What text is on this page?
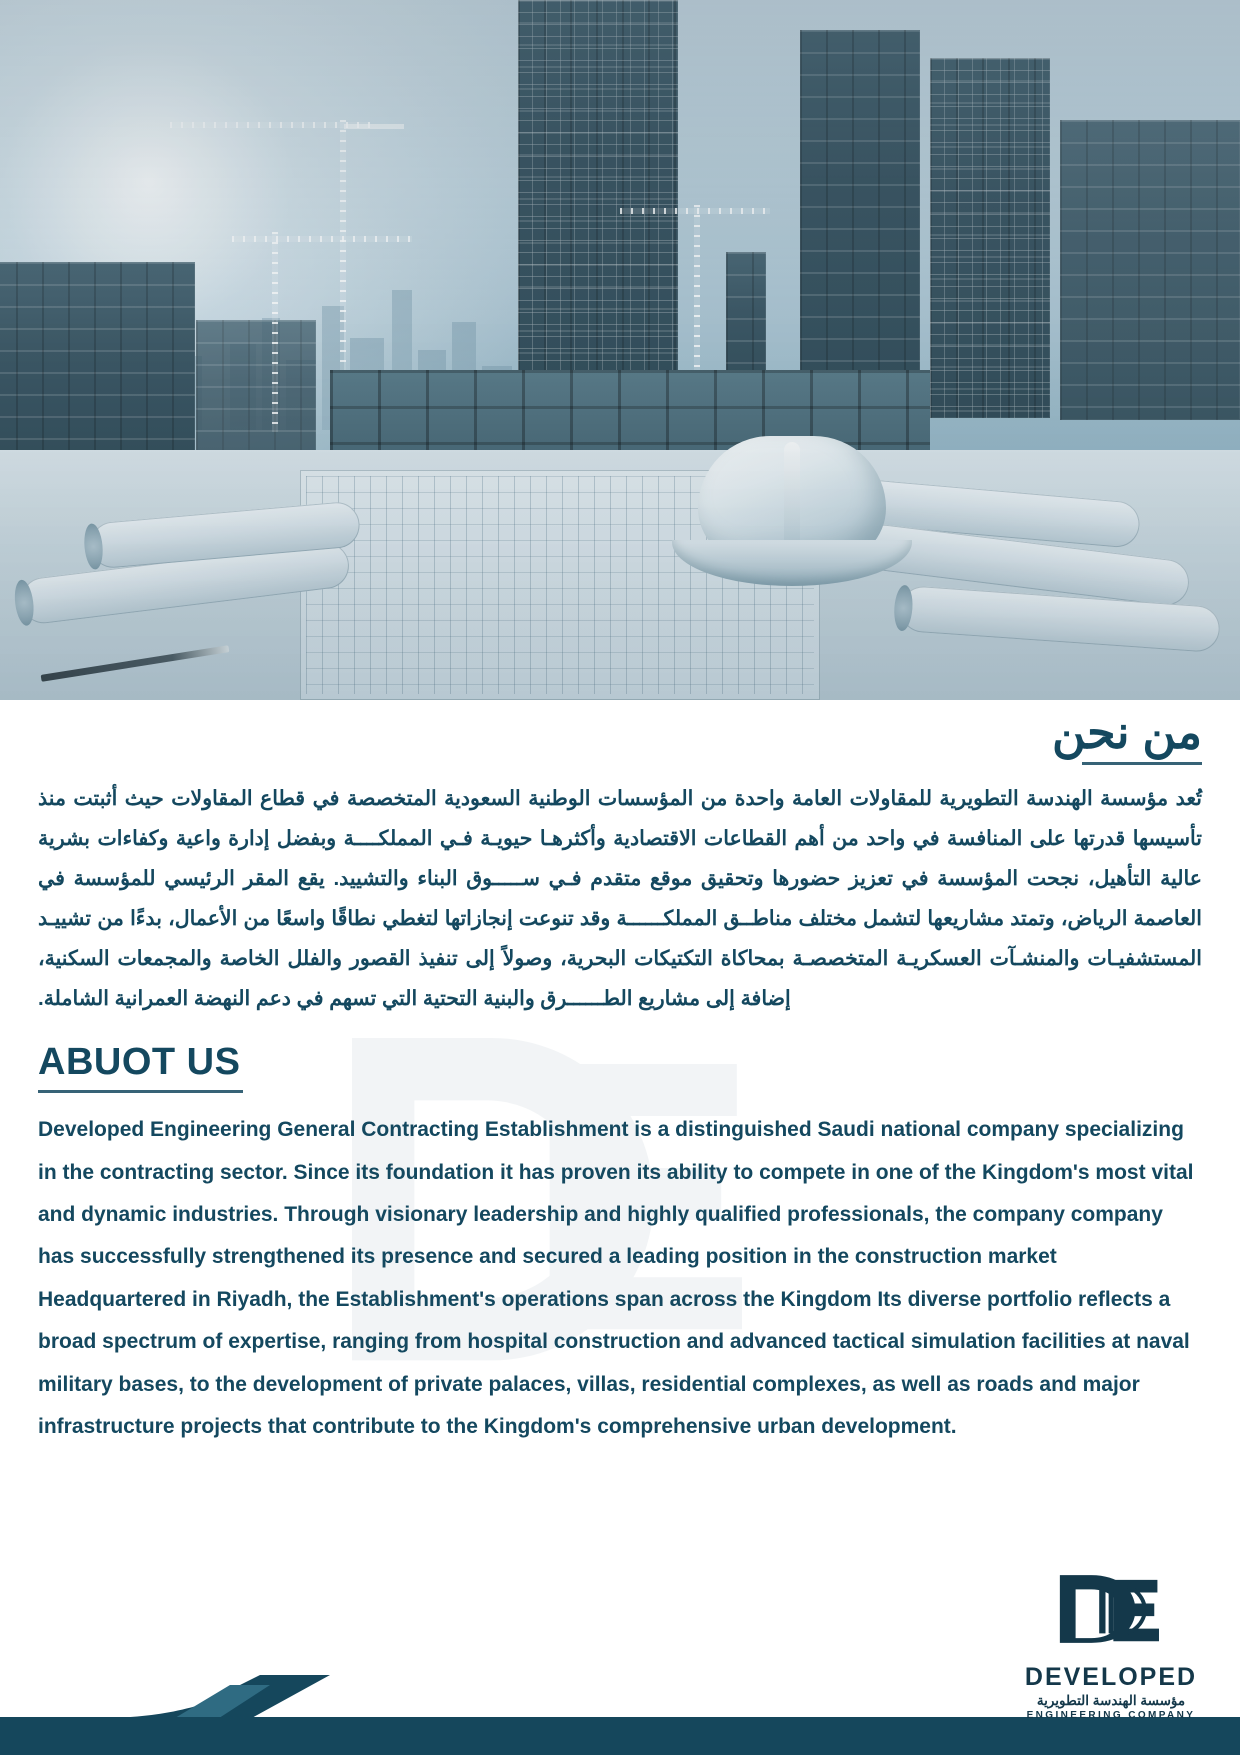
من نحن

تُعد مؤسسة الهندسة التطويرية للمقاولات العامة واحدة من المؤسسات الوطنية السعودية المتخصصة في قطاع المقاولات حيث أثبتت منذ تأسيسها قدرتها على المنافسة في واحد من أهم القطاعات الاقتصادية وأكثرهـا حيويـة فـي المملكــــة وبفضل إدارة واعية وكفاءات بشرية عالية التأهيل، نجحت المؤسسة في تعزيز حضورها وتحقيق موقع متقدم فـي ســـــوق البناء والتشييد. يقع المقر الرئيسي للمؤسسة في العاصمة الرياض، وتمتد مشاريعها لتشمل مختلف مناطــق المملكــــــة وقد تنوعت إنجازاتها لتغطي نطاقًا واسعًا من الأعمال، بدءًا من تشييـد المستشفيـات والمنشـآت العسكريـة المتخصصـة بمحاكاة التكتيكات البحرية، وصولاً إلى تنفيذ القصور والفلل الخاصة والمجمعات السكنية، إضافة إلى مشاريع الطــــــرق والبنية التحتية التي تسهم في دعم النهضة العمرانية الشاملة.

ABUOT US

Developed Engineering General Contracting Establishment is a distinguished Saudi national company specializing in the contracting sector. Since its foundation it has proven its ability to compete in one of the Kingdom's most vital and dynamic industries. Through visionary leadership and highly qualified professionals, the company company has successfully strengthened its presence and secured a leading position in the construction market Headquartered in Riyadh, the Establishment's operations span across the Kingdom Its diverse portfolio reflects a broad spectrum of expertise, ranging from hospital construction and advanced tactical simulation facilities at naval military bases, to the development of private palaces, villas, residential complexes, as well as roads and major infrastructure projects that contribute to the Kingdom's comprehensive urban development.

DEVELOPED
مؤسسة الهندسة التطويرية
ENGINEERING COMPANY
